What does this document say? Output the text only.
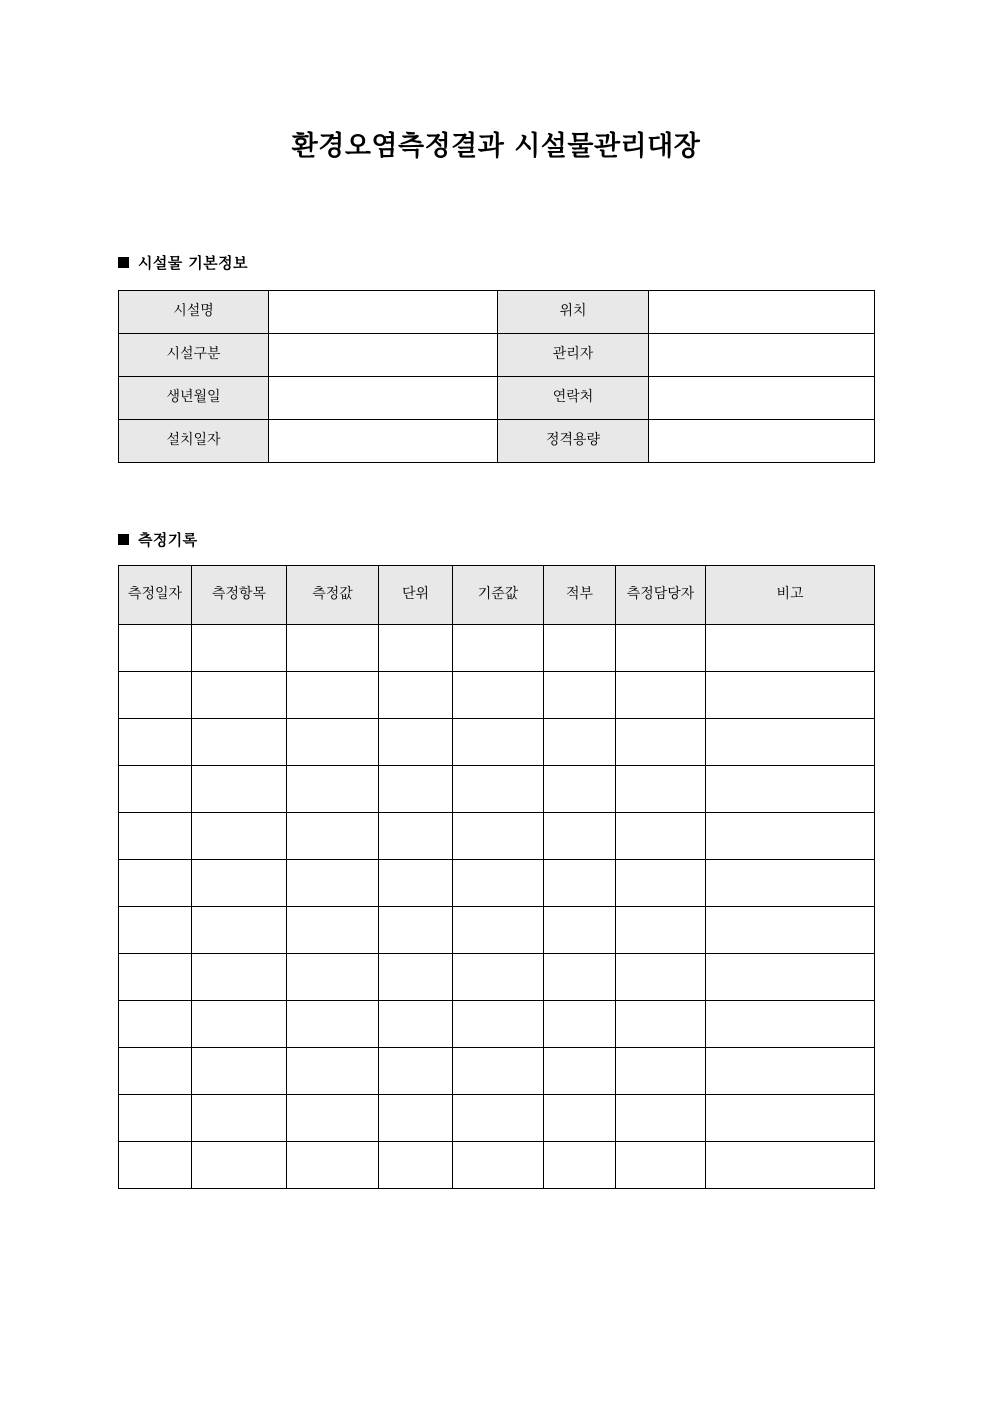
환경오염측정결과 시설물관리대장
시설물 기본정보
시설명		위치	
시설구분		관리자	
생년월일		연락처	
설치일자		정격용량	
측정기록
측정일자	측정항목	측정값	단위	기준값	적부	측정담당자	비고
